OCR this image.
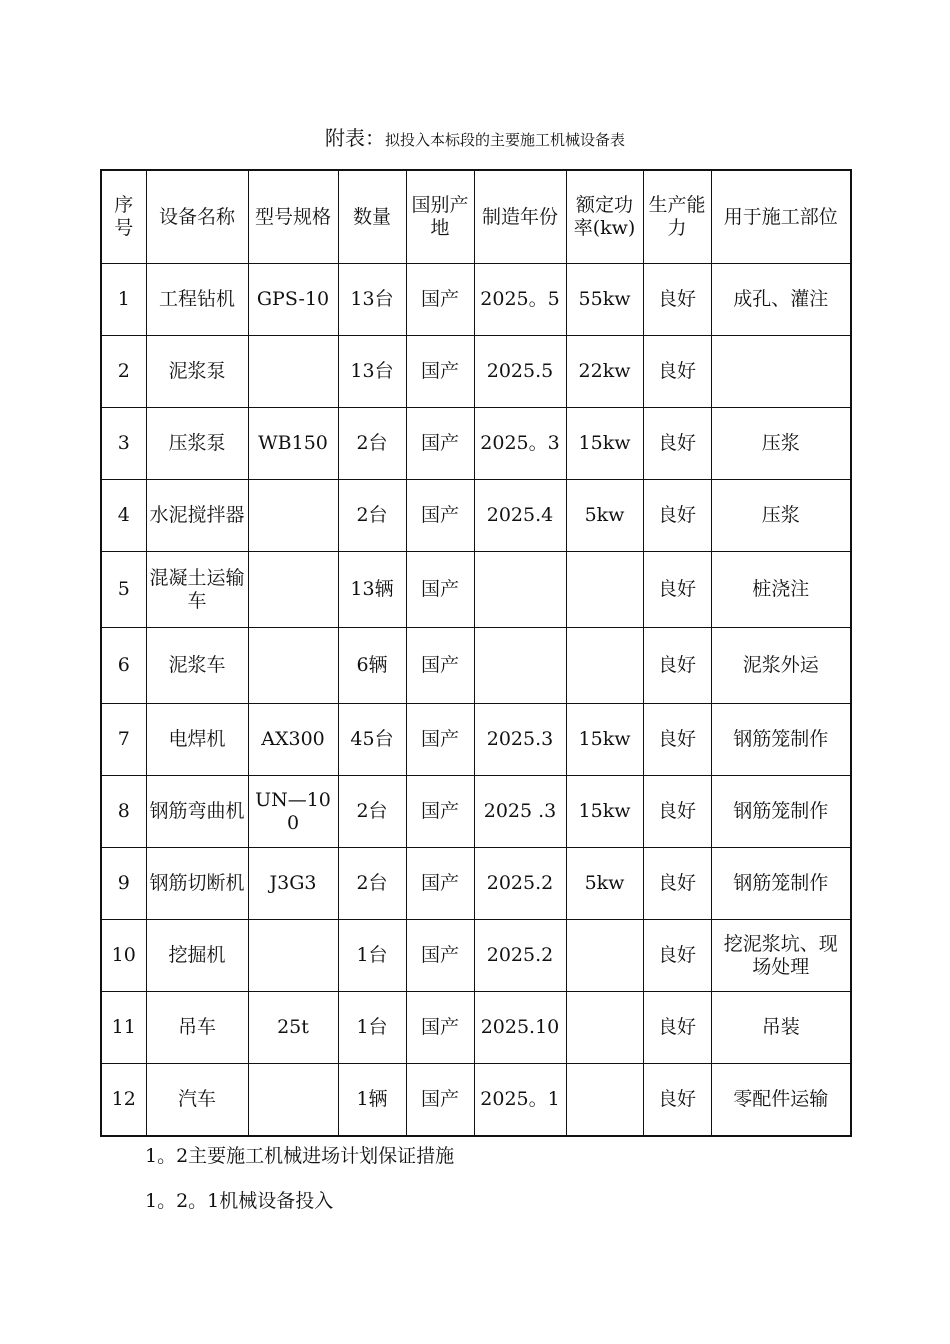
附表：拟投入本标段的主要施工机械设备表
序号	设备名称	型号规格	数量	国别产地	制造年份	额定功率(kw)	生产能力	用于施工部位
1	工程钻机	GPS-10	13台	国产	2025。5	55kw	良好	成孔、灌注
2	泥浆泵		13台	国产	2025.5	22kw	良好	
3	压浆泵	WB150	2台	国产	2025。3	15kw	良好	压浆
4	水泥搅拌器		2台	国产	2025.4	5kw	良好	压浆
5	混凝土运输车		13辆	国产			良好	桩浇注
6	泥浆车		6辆	国产			良好	泥浆外运
7	电焊机	AX300	45台	国产	2025.3	15kw	良好	钢筋笼制作
8	钢筋弯曲机	UN—100	2台	国产	2025 .3	15kw	良好	钢筋笼制作
9	钢筋切断机	J3G3	2台	国产	2025.2	5kw	良好	钢筋笼制作
10	挖掘机		1台	国产	2025.2		良好	挖泥浆坑、现场处理
11	吊车	25t	1台	国产	2025.10		良好	吊装
12	汽车		1辆	国产	2025。1		良好	零配件运输
1。2主要施工机械进场计划保证措施
1。2。1机械设备投入
